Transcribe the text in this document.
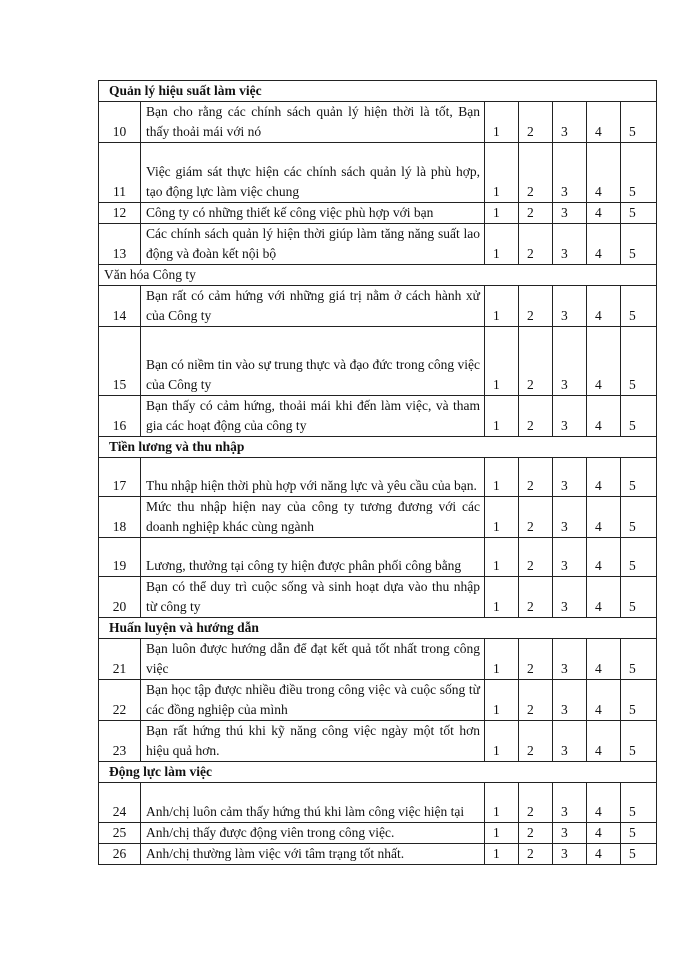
Quản lý hiệu suất làm việc						
10	Bạn cho rằng các chính sách quản lý hiện thời là tốt, Bạn thấy thoải mái với nó	1	2	3	4	5
11	Việc giám sát thực hiện các chính sách quản lý là phù hợp, tạo động lực làm việc chung	1	2	3	4	5
12	Công ty có những thiết kế công việc phù hợp với bạn	1	2	3	4	5
13	Các chính sách quản lý hiện thời giúp làm tăng năng suất lao động và đoàn kết nội bộ	1	2	3	4	5
Văn hóa Công ty						
14	Bạn rất có cảm hứng với những giá trị nằm ở cách hành xử của Công ty	1	2	3	4	5
15	Bạn có niềm tin vào sự trung thực và đạo đức trong công việc của Công ty	1	2	3	4	5
16	Bạn thấy có cảm hứng, thoải mái khi đến làm việc, và tham gia các hoạt động của công ty	1	2	3	4	5
Tiền lương và thu nhập						
17	Thu nhập hiện thời phù hợp với năng lực và yêu cầu của bạn.	1	2	3	4	5
18	Mức thu nhập hiện nay của công ty tương đương với các doanh nghiệp khác cùng ngành	1	2	3	4	5
19	Lương, thưởng tại công ty hiện được phân phối công bằng	1	2	3	4	5
20	Bạn có thể duy trì cuộc sống và sinh hoạt dựa vào thu nhập từ công ty	1	2	3	4	5
Huấn luyện và hướng dẫn						
21	Bạn luôn được hướng dẫn để đạt kết quả tốt nhất trong công việc	1	2	3	4	5
22	Bạn học tập được nhiều điều trong công việc và cuộc sống từ các đồng nghiệp của mình	1	2	3	4	5
23	Bạn rất hứng thú khi kỹ năng công việc ngày một tốt hơn hiệu quả hơn.	1	2	3	4	5
Động lực làm việc						
24	Anh/chị luôn cảm thấy hứng thú khi làm công việc hiện tại	1	2	3	4	5
25	Anh/chị thấy được động viên trong công việc.	1	2	3	4	5
26	Anh/chị thường làm việc với tâm trạng tốt nhất.	1	2	3	4	5
